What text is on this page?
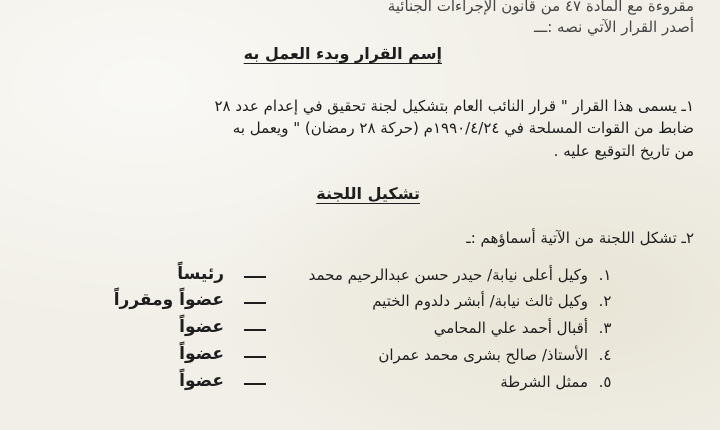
مقروءة مع المادة ٤٧ من قانون الإجراءات الجنائية
أصدر القرار الآتي نصه :ـــ
إسم القرار وبدء العمل به
١ـ يسمى هذا القرار " قرار النائب العام بتشكيل لجنة تحقيق في إعدام عدد ٢٨
ضابط من القوات المسلحة في ١٩٩٠/٤/٢٤م (حركة ٢٨ رمضان) " ويعمل به
من تاريخ التوقيع عليه .
تشكيل اللجنة
٢ـ تشكل اللجنة من الآتية أسماؤهم :ـ
١.
وكيل أعلى نيابة/ حيدر حسن عبدالرحيم محمد
رئيساً
٢.
وكيل ثالث نيابة/ أبشر دلدوم الختيم
عضواً ومقرراً
٣.
أقبال أحمد علي المحامي
عضواً
٤.
الأستاذ/ صالح بشرى محمد عمران
عضواً
٥.
ممثل الشرطة
عضواً
